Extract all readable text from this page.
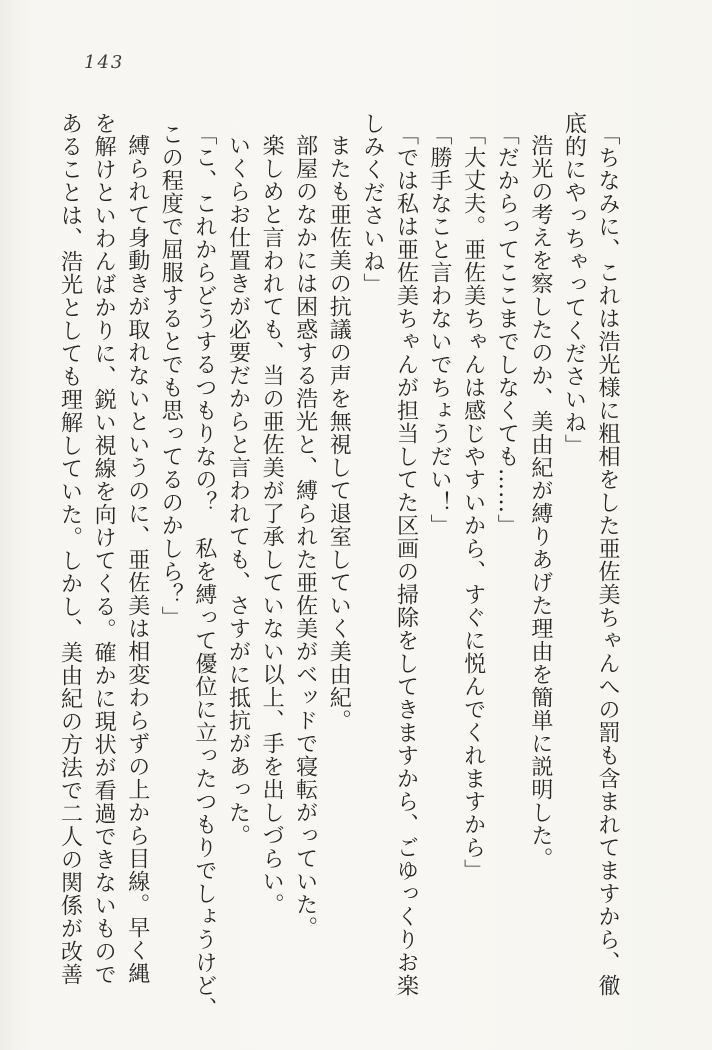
143
「ちなみに、これは浩光様に粗相をした亜佐美ちゃんへの罰も含まれてますから、徹
底的にやっちゃってくださいね」
浩光の考えを察したのか、美由紀が縛りあげた理由を簡単に説明した。
「だからってここまでしなくても……」
「大丈夫。亜佐美ちゃんは感じやすいから、すぐに悦んでくれますから」
「勝手なこと言わないでちょうだい！」
「では私は亜佐美ちゃんが担当してた区画の掃除をしてきますから、ごゆっくりお楽
しみくださいね」
またも亜佐美の抗議の声を無視して退室していく美由紀。
部屋のなかには困惑する浩光と、縛られた亜佐美がベッドで寝転がっていた。
楽しめと言われても、当の亜佐美が了承していない以上、手を出しづらい。
いくらお仕置きが必要だからと言われても、さすがに抵抗があった。
「こ、これからどうするつもりなの？　私を縛って優位に立ったつもりでしょうけど、
この程度で屈服するとでも思ってるのかしら？」
縛られて身動きが取れないというのに、亜佐美は相変わらずの上から目線。早く縄
を解けといわんばかりに、鋭い視線を向けてくる。確かに現状が看過できないもので
あることは、浩光としても理解していた。しかし、美由紀の方法で二人の関係が改善
